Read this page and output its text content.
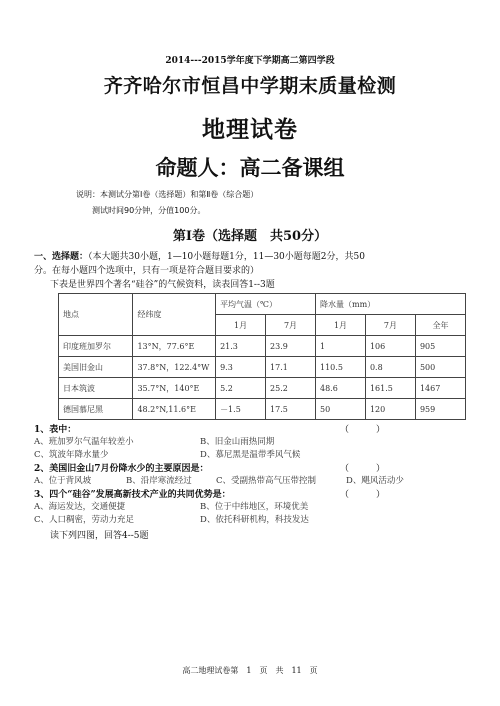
2014---2015学年度下学期高二第四学段
齐齐哈尔市恒昌中学期末质量检测
地理试卷
命题人：高二备课组
说明：本测试分第Ⅰ卷（选择题）和第Ⅱ卷（综合题）
测试时间90分钟，分值100分。
第Ⅰ卷（选择题　共50分）
一、选择题：（本大题共30小题，1—10小题每题1分，11—30小题每题2分，共50
分。在每小题四个选项中，只有一项是符合题目要求的）
下表是世界四个著名“硅谷”的气候资料，读表回答1--3题
地点	经纬度	平均气温（℃）		降水量（mm）		
		1月	7月	1月	7月	全年
印度班加罗尔	13°N，77.6°E	21.3	23.9	1	106	905
美国旧金山	37.8°N，122.4°W	9.3	17.1	110.5	0.8	500
日本筑波	35.7°N，140°E	5.2	25.2	48.6	161.5	1467
德国慕尼黑	48.2°N,11.6°E	－1.5	17.5	50	120	959
1、表中：	（　　　）
A、班加罗尔气温年较差小	B、旧金山雨热同期
C、筑波年降水量少	D、慕尼黑是温带季风气候
2、美国旧金山7月份降水少的主要原因是：	（　　　）
A、位于背风坡	B、沿岸寒流经过	C、受副热带高气压带控制	D、飓风活动少
3、四个“硅谷”发展高新技术产业的共同优势是：	（　　　）
A、海运发达，交通便捷	B、位于中纬地区，环境优美
C、人口稠密，劳动力充足	D、依托科研机构，科技发达
读下列四图，回答4--5题
高二地理试卷第　1　页　共　11　页
